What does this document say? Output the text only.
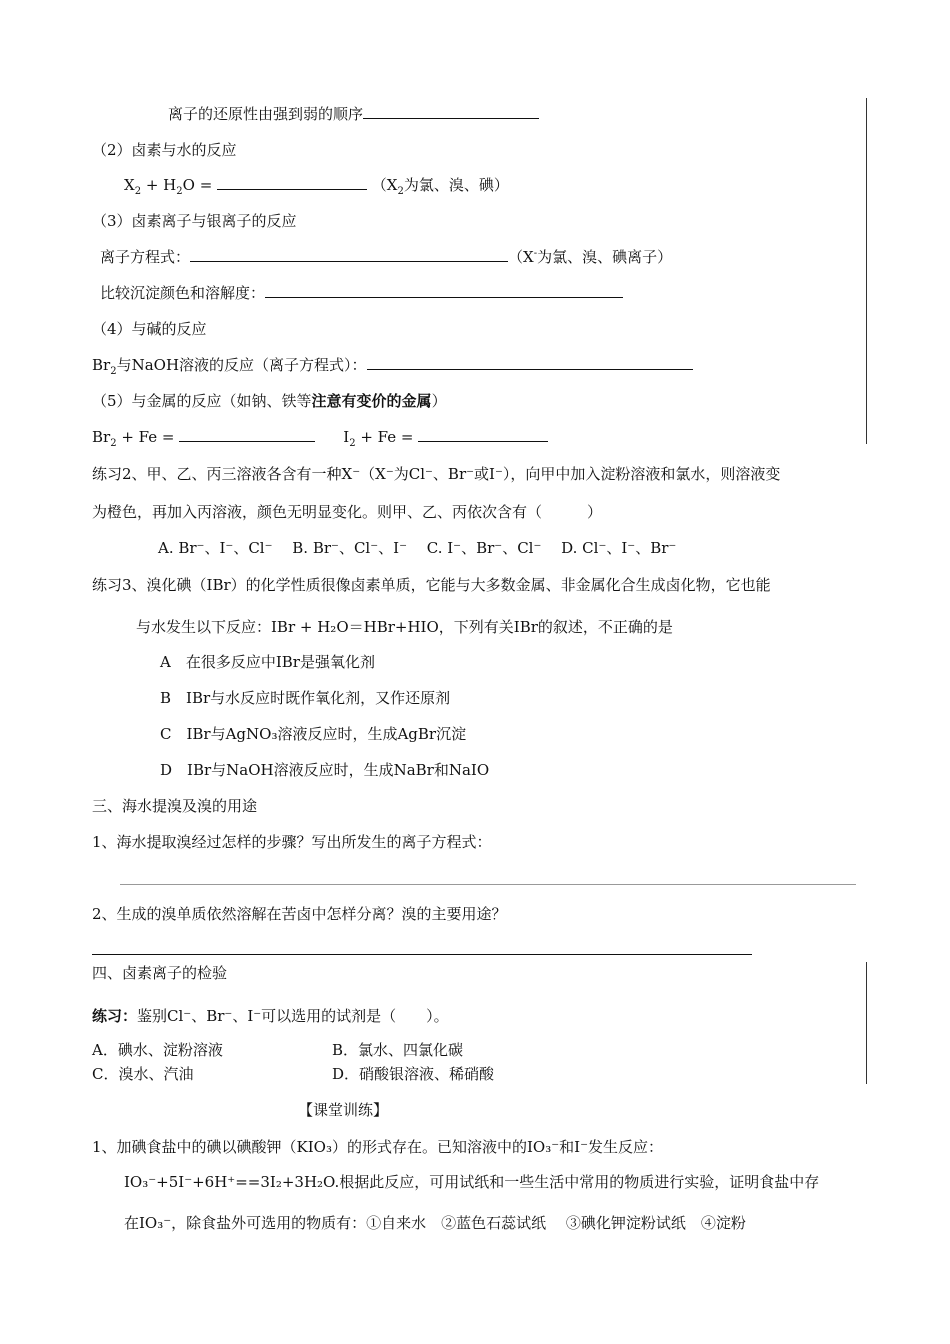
离子的还原性由强到弱的顺序
（2）卤素与水的反应
$X_2 + H_2O$ =	（$X_2$为氯、溴、碘）
（3）卤素离子与银离子的反应
离子方程式：	（X-为氯、溴、碘离子）
比较沉淀颜色和溶解度：
（4）与碱的反应
$Br_2$与NaOH溶液的反应（离子方程式）：
（5）与金属的反应（如钠、铁等注意有变价的金属）
$Br_2 + Fe$ =	$I_2 + Fe$ =
练习2、甲、乙、丙三溶液各含有一种X⁻（X⁻为Cl⁻、Br⁻或I⁻），向甲中加入淀粉溶液和氯水，则溶液变
为橙色，再加入丙溶液，颜色无明显变化。则甲、乙、丙依次含有（　　　）
A. Br⁻、I⁻、Cl⁻　 B. Br⁻、Cl⁻、I⁻　 C. I⁻、Br⁻、Cl⁻　 D. Cl⁻、I⁻、Br⁻
练习3、溴化碘（IBr）的化学性质很像卤素单质，它能与大多数金属、非金属化合生成卤化物，它也能
与水发生以下反应：IBr + H₂O＝HBr+HIO，下列有关IBr的叙述，不正确的是
A　在很多反应中IBr是强氧化剂
B　IBr与水反应时既作氧化剂，又作还原剂
C　IBr与AgNO₃溶液反应时，生成AgBr沉淀
D　IBr与NaOH溶液反应时，生成NaBr和NaIO
三、海水提溴及溴的用途
1、海水提取溴经过怎样的步骤？写出所发生的离子方程式：
2、生成的溴单质依然溶解在苦卤中怎样分离？溴的主要用途？
四、卤素离子的检验
练习：鉴别Cl⁻、Br⁻、I⁻可以选用的试剂是（　　）。
A．碘水、淀粉溶液	B．氯水、四氯化碳
C．溴水、汽油	D．硝酸银溶液、稀硝酸
【课堂训练】
1、加碘食盐中的碘以碘酸钾（KIO₃）的形式存在。已知溶液中的IO₃⁻和I⁻发生反应：
IO₃⁻+5I⁻+6H⁺==3I₂+3H₂O.根据此反应，可用试纸和一些生活中常用的物质进行实验，证明食盐中存
在IO₃⁻，除食盐外可选用的物质有：①自来水　②蓝色石蕊试纸　 ③碘化钾淀粉试纸　④淀粉
